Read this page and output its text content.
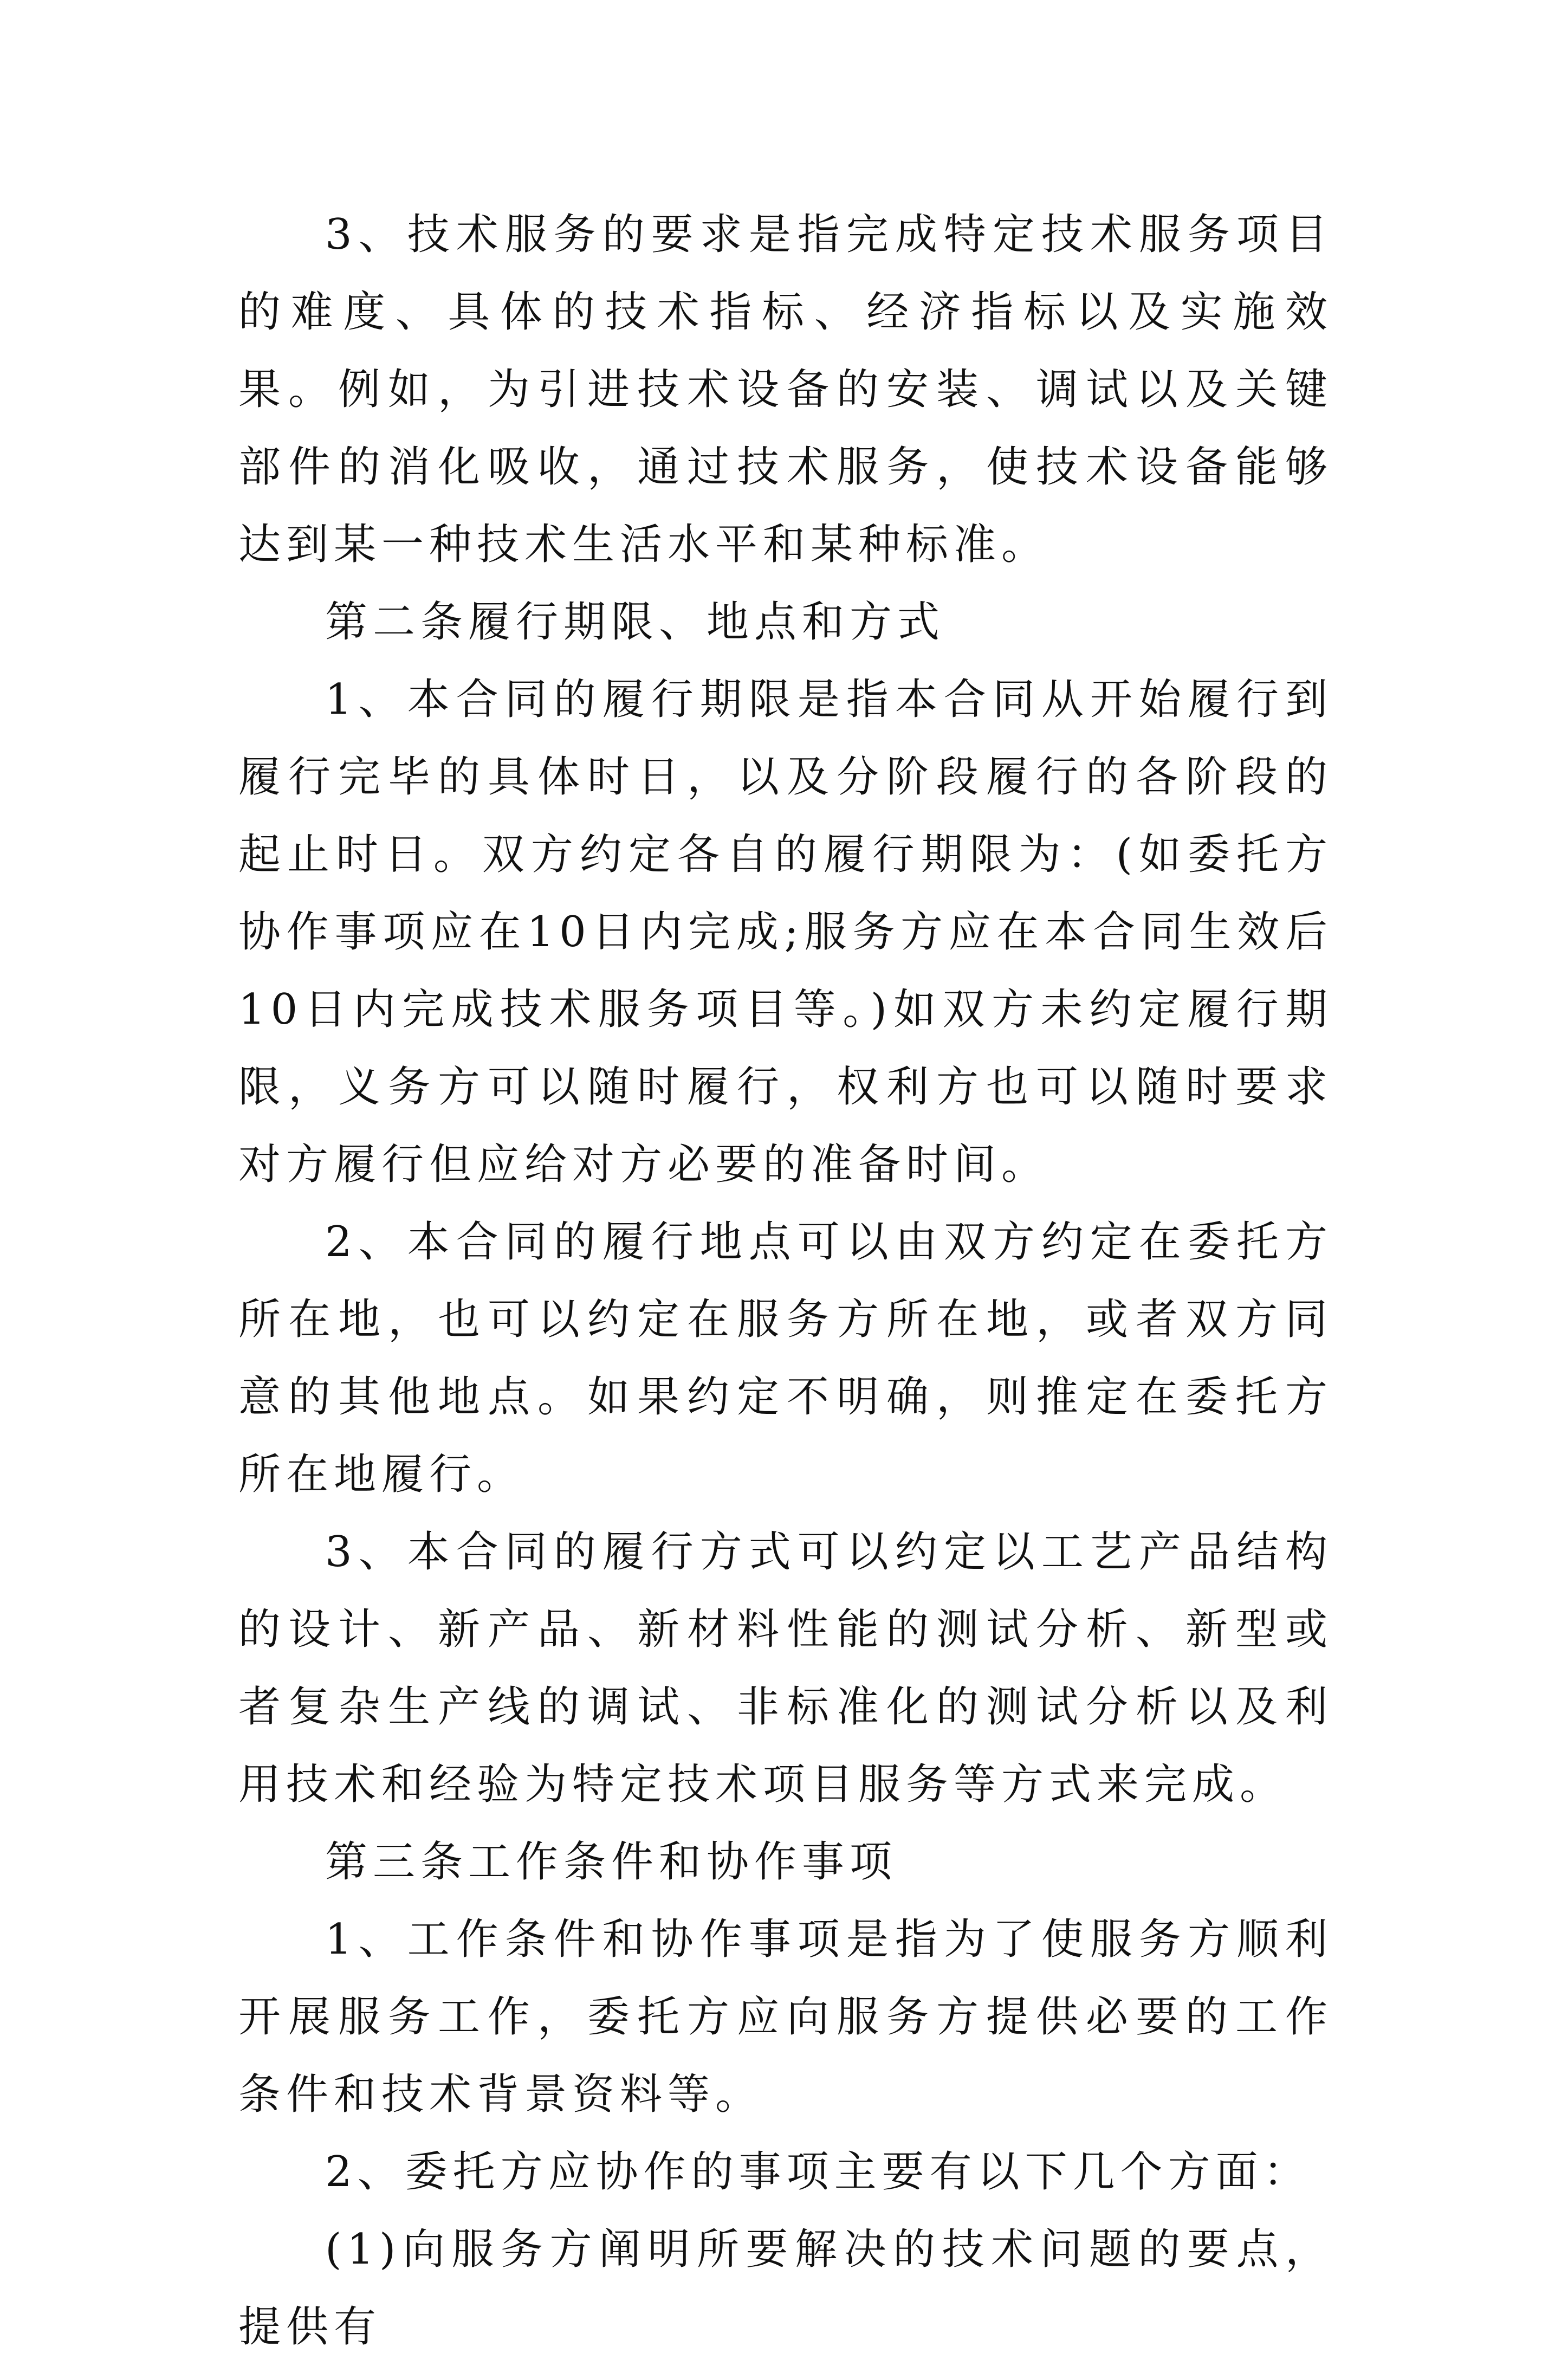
3、技术服务的要求是指完成特定技术服务项目的难度、具体的技术指标、经济指标以及实施效果。例如，为引进技术设备的安装、调试以及关键部件的消化吸收，通过技术服务，使技术设备能够达到某一种技术生活水平和某种标准。

第二条履行期限、地点和方式

1、本合同的履行期限是指本合同从开始履行到履行完毕的具体时日，以及分阶段履行的各阶段的起止时日。双方约定各自的履行期限为：(如委托方协作事项应在10日内完成;服务方应在本合同生效后10日内完成技术服务项目等。)如双方未约定履行期限，义务方可以随时履行，权利方也可以随时要求对方履行但应给对方必要的准备时间。

2、本合同的履行地点可以由双方约定在委托方所在地，也可以约定在服务方所在地，或者双方同意的其他地点。如果约定不明确，则推定在委托方所在地履行。

3、本合同的履行方式可以约定以工艺产品结构的设计、新产品、新材料性能的测试分析、新型或者复杂生产线的调试、非标准化的测试分析以及利用技术和经验为特定技术项目服务等方式来完成。

第三条工作条件和协作事项

1、工作条件和协作事项是指为了使服务方顺利开展服务工作，委托方应向服务方提供必要的工作条件和技术背景资料等。

2、委托方应协作的事项主要有以下几个方面：

(1)向服务方阐明所要解决的技术问题的要点，提供有
